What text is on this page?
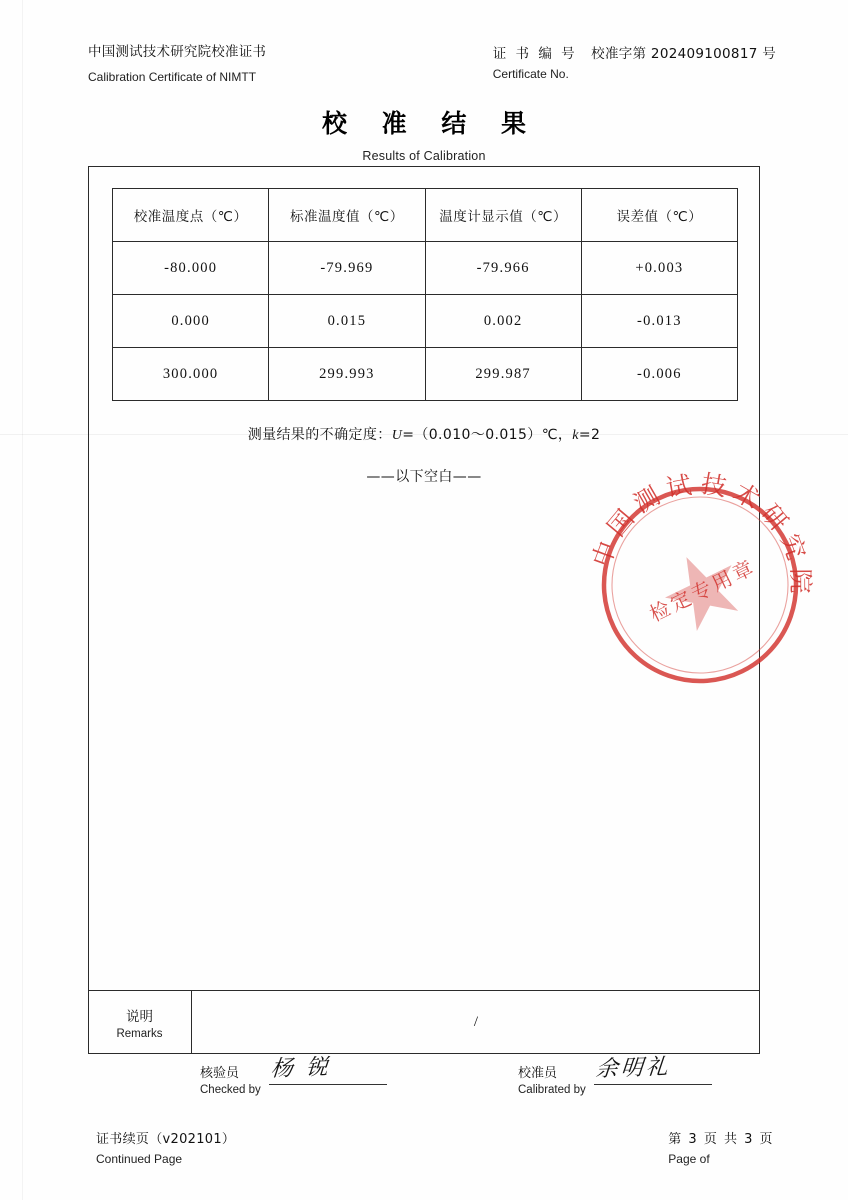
中国测试技术研究院校准证书
Calibration Certificate of NIMTT
证 书 编 号 校准字第 202409100817 号
Certificate No.
校 准 结 果
Results of Calibration
校准温度点（℃）	标准温度值（℃）	温度计显示值（℃）	误差值（℃）
-80.000	-79.969	-79.966	+0.003
0.000	0.015	0.002	-0.013
300.000	299.993	299.987	-0.006
测量结果的不确定度：U=（0.010～0.015）℃，k=2
——以下空白——
中国测试技术研究院
检定专用章
说明
Remarks
/
核验员
Checked by
杨 锐	校准员
Calibrated by
余明礼
证书续页（v202101）
Continued Page
第 3 页 共 3 页
Page of
